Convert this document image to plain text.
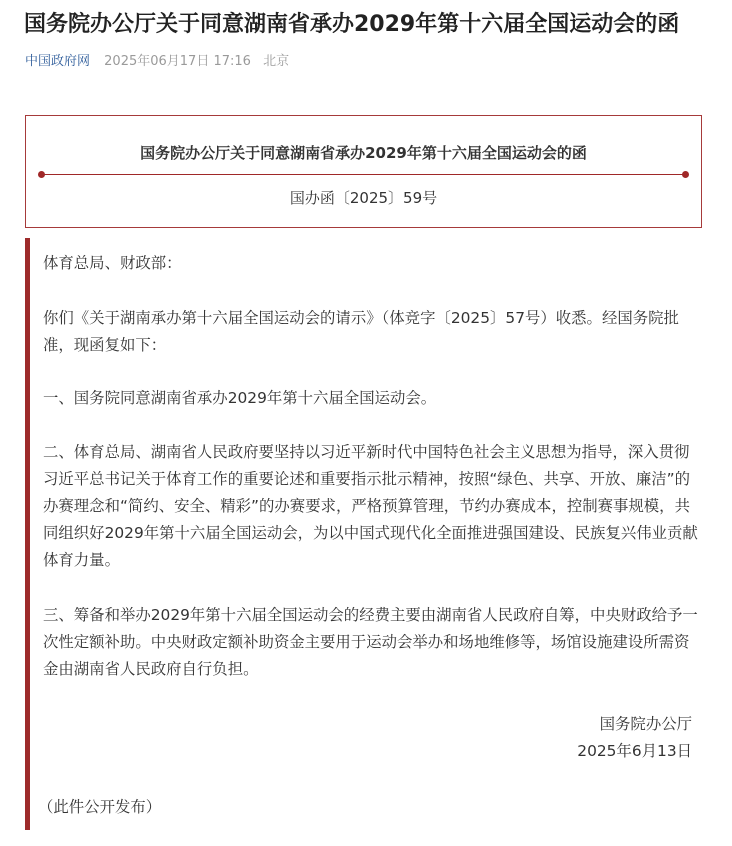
国务院办公厅关于同意湖南省承办2029年第十六届全国运动会的函
中国政府网 2025年06月17日 17:16 北京
国务院办公厅关于同意湖南省承办2029年第十六届全国运动会的函
国办函〔2025〕59号
体育总局、财政部：
你们《关于湖南承办第十六届全国运动会的请示》（体竞字〔2025〕57号）收悉。经国务院批准，现函复如下：
一、国务院同意湖南省承办2029年第十六届全国运动会。
二、体育总局、湖南省人民政府要坚持以习近平新时代中国特色社会主义思想为指导，深入贯彻习近平总书记关于体育工作的重要论述和重要指示批示精神，按照“绿色、共享、开放、廉洁”的办赛理念和“简约、安全、精彩”的办赛要求，严格预算管理，节约办赛成本，控制赛事规模，共同组织好2029年第十六届全国运动会，为以中国式现代化全面推进强国建设、民族复兴伟业贡献体育力量。
三、筹备和举办2029年第十六届全国运动会的经费主要由湖南省人民政府自筹，中央财政给予一次性定额补助。中央财政定额补助资金主要用于运动会举办和场地维修等，场馆设施建设所需资金由湖南省人民政府自行负担。
国务院办公厅
2025年6月13日
（此件公开发布）
